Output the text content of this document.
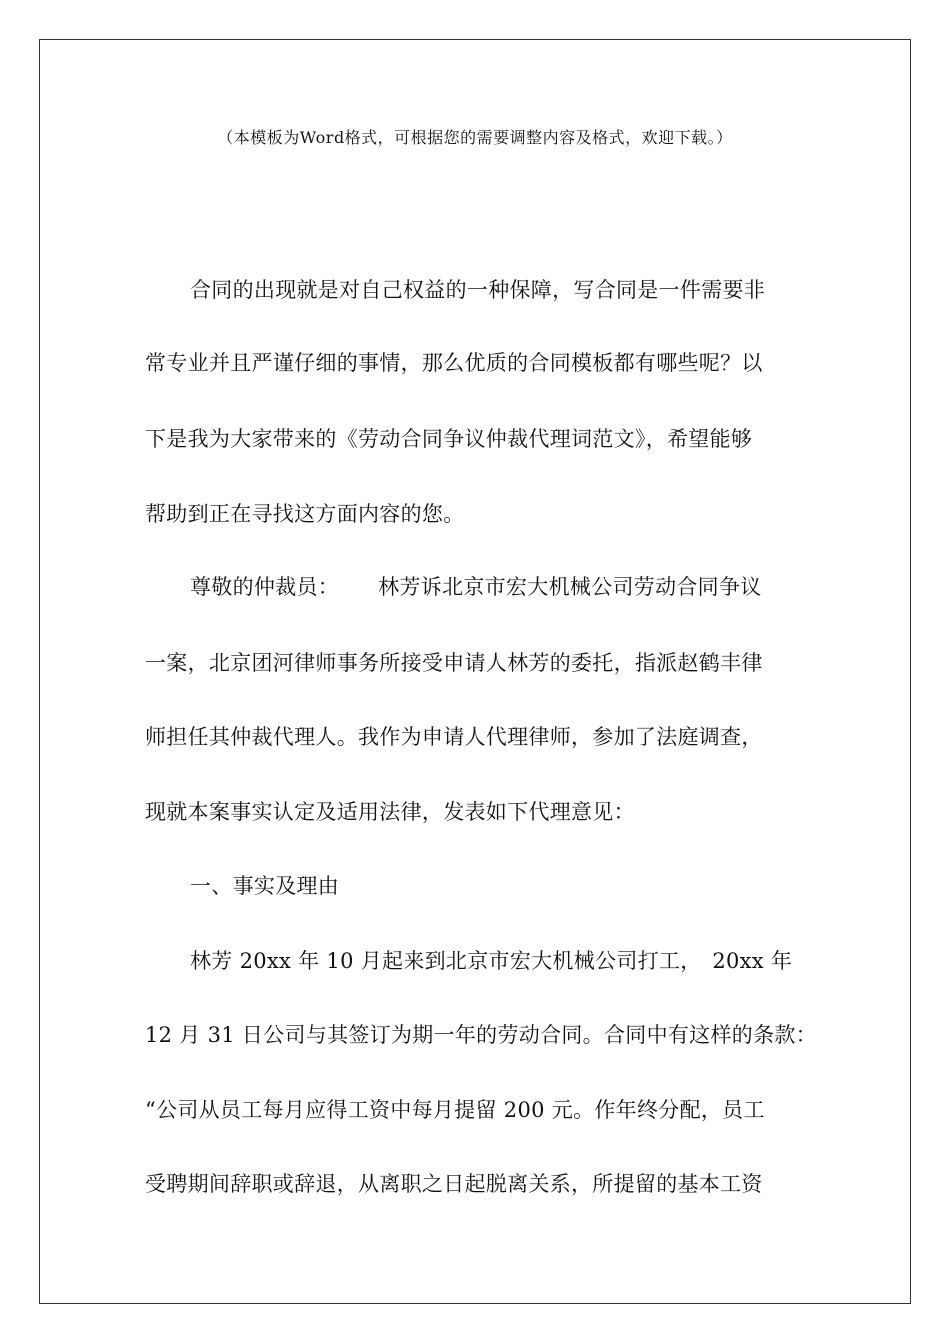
（本模板为Word格式，可根据您的需要调整内容及格式，欢迎下载。）
合同的出现就是对自己权益的一种保障，写合同是一件需要非
常专业并且严谨仔细的事情，那么优质的合同模板都有哪些呢？以
下是我为大家带来的《劳动合同争议仲裁代理词范文》，希望能够
帮助到正在寻找这方面内容的您。
尊敬的仲裁员：　　 林芳诉北京市宏大机械公司劳动合同争议
一案，北京团河律师事务所接受申请人林芳的委托，指派赵鹤丰律
师担任其仲裁代理人。我作为申请人代理律师，参加了法庭调查，
现就本案事实认定及适用法律，发表如下代理意见：
一、事实及理由
林芳 20xx 年 10 月起来到北京市宏大机械公司打工，　20xx 年
12 月 31 日公司与其签订为期一年的劳动合同。合同中有这样的条款：
“公司从员工每月应得工资中每月提留 200 元。作年终分配，员工
受聘期间辞职或辞退，从离职之日起脱离关系，所提留的基本工资
